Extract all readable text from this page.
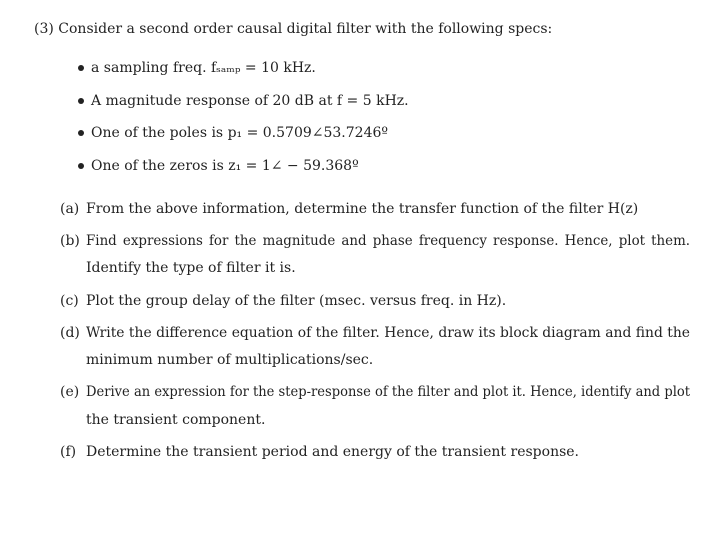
(3) Consider a second order causal digital filter with the following specs:
a sampling freq. fₛₐₘₚ = 10 kHz.
A magnitude response of 20 dB at f = 5 kHz.
One of the poles is p₁ = 0.5709∠53.7246º
One of the zeros is z₁ = 1∠ − 59.368º
(a) From the above information, determine the transfer function of the filter H(z)
(b) Find expressions for the magnitude and phase frequency response. Hence, plot them.
Identify the type of filter it is.
(c) Plot the group delay of the filter (msec. versus freq. in Hz).
(d) Write the difference equation of the filter. Hence, draw its block diagram and find the
minimum number of multiplications/sec.
(e) Derive an expression for the step-response of the filter and plot it. Hence, identify and plot
the transient component.
(f) Determine the transient period and energy of the transient response.
